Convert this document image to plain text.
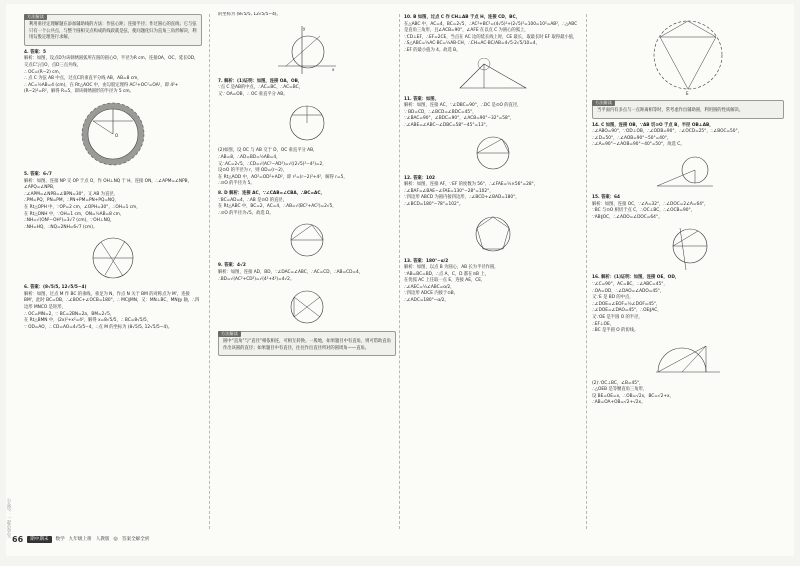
方法解读

利用垂径定理解题在添加辅助线的方法：作弦心距；连接半径；作过圆心的直线；它与弦只有一个公共点，与整个圆相交点构成的线段就是弦，使问题化归为直角三角形解决，利用勾股定理进行求解。

4. 答案：5

解析：如图，设点D为该刺绣圆弧所在圆的圆心O，半径为R cm，连接OA，OC，延长OD，交点C与点O，点D三点共线，

∴ OC=(R−2) cm，

∴ 点 C 为弦 AB 中点，过点C的垂直平分线 AB，AB=8 cm，

∴ AC=½AB=4 (cm)，在 Rt△AOC 中，由勾股定理得 AC²+OC²=OA²，即 4²+(R−2)²=R²，解得 R=5，即该刺绣圆形的半径为 5 cm。

O

5. 答案：6√7

解析：如图，连接 NP 交 OP 于点 O，作 OH⊥NQ 于 H，连接 ON，∴∠APM=∠NPB，∠APQ=∠NPB，

∴∠APM=∠NPB=∠BPN=30°，又 AB 为直径，

∴PM=PQ，PN=PM，∴PN+PM=PN+PQ=NQ，

在 Rt△OPH 中，∵OP=2 cm，∠OPH=30°，∴OH=1 cm，

在 Rt△ONH 中，∵OH=1 cm，ON=½AB=8 cm，

∴NH=√(ON²−OH²)=3√7 (cm)，∵OH⊥NQ，

∴NH=HQ，∴NQ=2NH=6√7 (cm)。

6. 答案：(8√5/5, 12√5/5−4)

解析：如图，过点 M 作 BC 的垂线，垂足为 N，作点 N 关于 BM 的对称点为 M'，连接 BM'，此时 BC=OB，∴∠BOC+∠OCB=180°，∴ MC∥MN，又：MN⊥BC，MN∥y 轴，∴四边形 MNCO 是矩形，

∴ OC=MN=2，∵ BC=2BN=2a，BM=2√5，

在 Rt△BMN 中，(2x)²+x²=4²，解得 x=8√5/5，∴ BC=8√5/5，

∵ OD=AO，∴ CD=AO=4√5/5−4，∴点 M 的坐标为 (8√5/5, 12√5/5−4)。

的坐标为 (8√5/5, 12√5/5−4)。

y
x

7. 解析：(1)证明：如图，连接 OA，OB，

∵点 C 是AB的中点，∴AC=BC，∴AC=BC，

又∵ OA=OB，∴ OC 垂直平分 AB。

(2)如图，设 OC 与 AB 交于 D，OC 垂直平分 AB，

∴AB=8，∴AD=BD=½AB=4，

又∴AC=2√5，∴CD=√(AC²−AD²)=√((2√5)²−4²)=2，

设⊙O 的半径为 r，则 OD=(r−2)，

在 Rt△AOD 中，AO²=OD²+AD²，即 r²=(r−2)²+4²，解得 r=5，

∴⊙O 的半径为 5。

8. D 解析：连接 AC，∵∠CAB=∠CBA，∴BC=AC，

∵BC=AD=4，∴AB 是⊙O 的直径，

在 Rt△ABC 中，BC=2，AC=4，∴AB=√(BC²+AC²)=2√5，

∴⊙O 的半径为√5。故选 D。

9. 答案：4√2

解析：如图，连接 AD，BD，∵∠DAC=∠ABC，∴AC=CD，∴AB=CD=4，∴BD=√(AC²+CD²)=√(4²+4²)=4√2。

方法解读

圆中“直角”与“直径”相依相连，可相互转换。一般地，如果题目中有直角，则可借助直角作出该圆的直径；如果题目中有直径，往往作出直径所对的圆周角——直角。

10. B 如图，过点 C 作 CH⊥AB 于点 H，连接 CD，BC，

在△ABC 中，AC=4，BC=2√5，∴AC²+BC²=(4√5)²+(2√5)²=100=10²=AB²，∴△ABC 是直角三角形，且∠ACB=90°，∠AFE 在以点 C 为圆心的弧上，

∵CD⊥EF，∴EF=2CE，当点在 AC 边的延长线上时，CE 最长，取最长时 EF 取得最小值，

∴S△ABC=½AC·BC=½AB·CH，∴CH=AC·BC/AB=4√5·2√5/10=4，

∴EF 的最小值为 4。故选 B。

11. 答案：如图，

解析：如图，连接 AC，∵∠DBC=90°，∴DC 是⊙O 的直径，

∵ BD=CD，∴∠BCD=∠BDC=45°，

∵∠BAC=90°，∠BDC=90°，∠ACB=90°−32°=58°，

∴∠ABE=∠ABC−∠DBC=58°−45°=13°。

12. 答案：102

解析：如图，连接 AF，∵EF 的度数为 56°，∴∠FAE=½×56°=28°，

∴∠BAF=∠BAE−∠FAE=130°−28°=102°，

∵四边形 ABCD 为圆内接四边形，∴∠BCD+∠BAD=180°，

∴∠BCD=180°−78°=102°。

13. 答案：180°−α/2

解析：如图，以点 B 为圆心，AB 长为半径作圆，

∵AB=BC=BD，∴点 A，C，D 都在⊙B 上，

在优弧 AC 上任取一点 E，连接 AE，CE，

∴∠AEC=½∠ABC=α/2，

∵四边形 ADCE 内接于⊙B，

∴∠ADC=180°−α/2。

E
方法解读

当平面内有多点与一点距离相等时，常考虑作出辅助圆，利用圆的性质解决。

14. C 如图，连接 OB，∵AB 切⊙O 于点 B，半径 OB⊥AB，

∴∠ABO=90°，∵OD⊥OB，∴∠ODB=90°，∴∠OCD=25°，∴∠BOC=50°，

∴∠D=50°，∴∠AOB=90°−50°=40°，

∴∠A=90°−∠AOB=90°−40°=50°，故选 C。

15. 答案：64

解析：如图，连接 OC，∵∠A=32°，∴∠DOC=2∠A=64°，

∵BC 与⊙O 相切于点 C，∴OC⊥BC，∴∠OCB=90°，

∵AB∥OC，∴∠ADO=∠DOC=64°。

16. 解析：(1)证明：如图，连接 OE，OD，

∵∠C=90°，AC=BC，∴∠ABC=45°，

∴OA=OD，∴∠DAO=∠ADO=45°，

又∵E 是 BD 的中点，

∴∠DOE=∠EOF=½∠DOF=45°，

∴∠DOE=∠DAO=45°，∴OE∥AC，

又∵OE 是半圆 O 的半径，

∴EF⊥OE，

∴BC 是半圆 O 的切线。

(2)∵OC⊥BC，∠B=45°，

∴△OEB 是等腰直角三角形，

设 BE=OE=x，∴OB=√2x，BC=√2+x，

∴AB=OA+OB=√2+√2x。

66	期中期末	数学 九年级上册 人教版 ◎ 答案全解全析
公众号：一起小学宝
